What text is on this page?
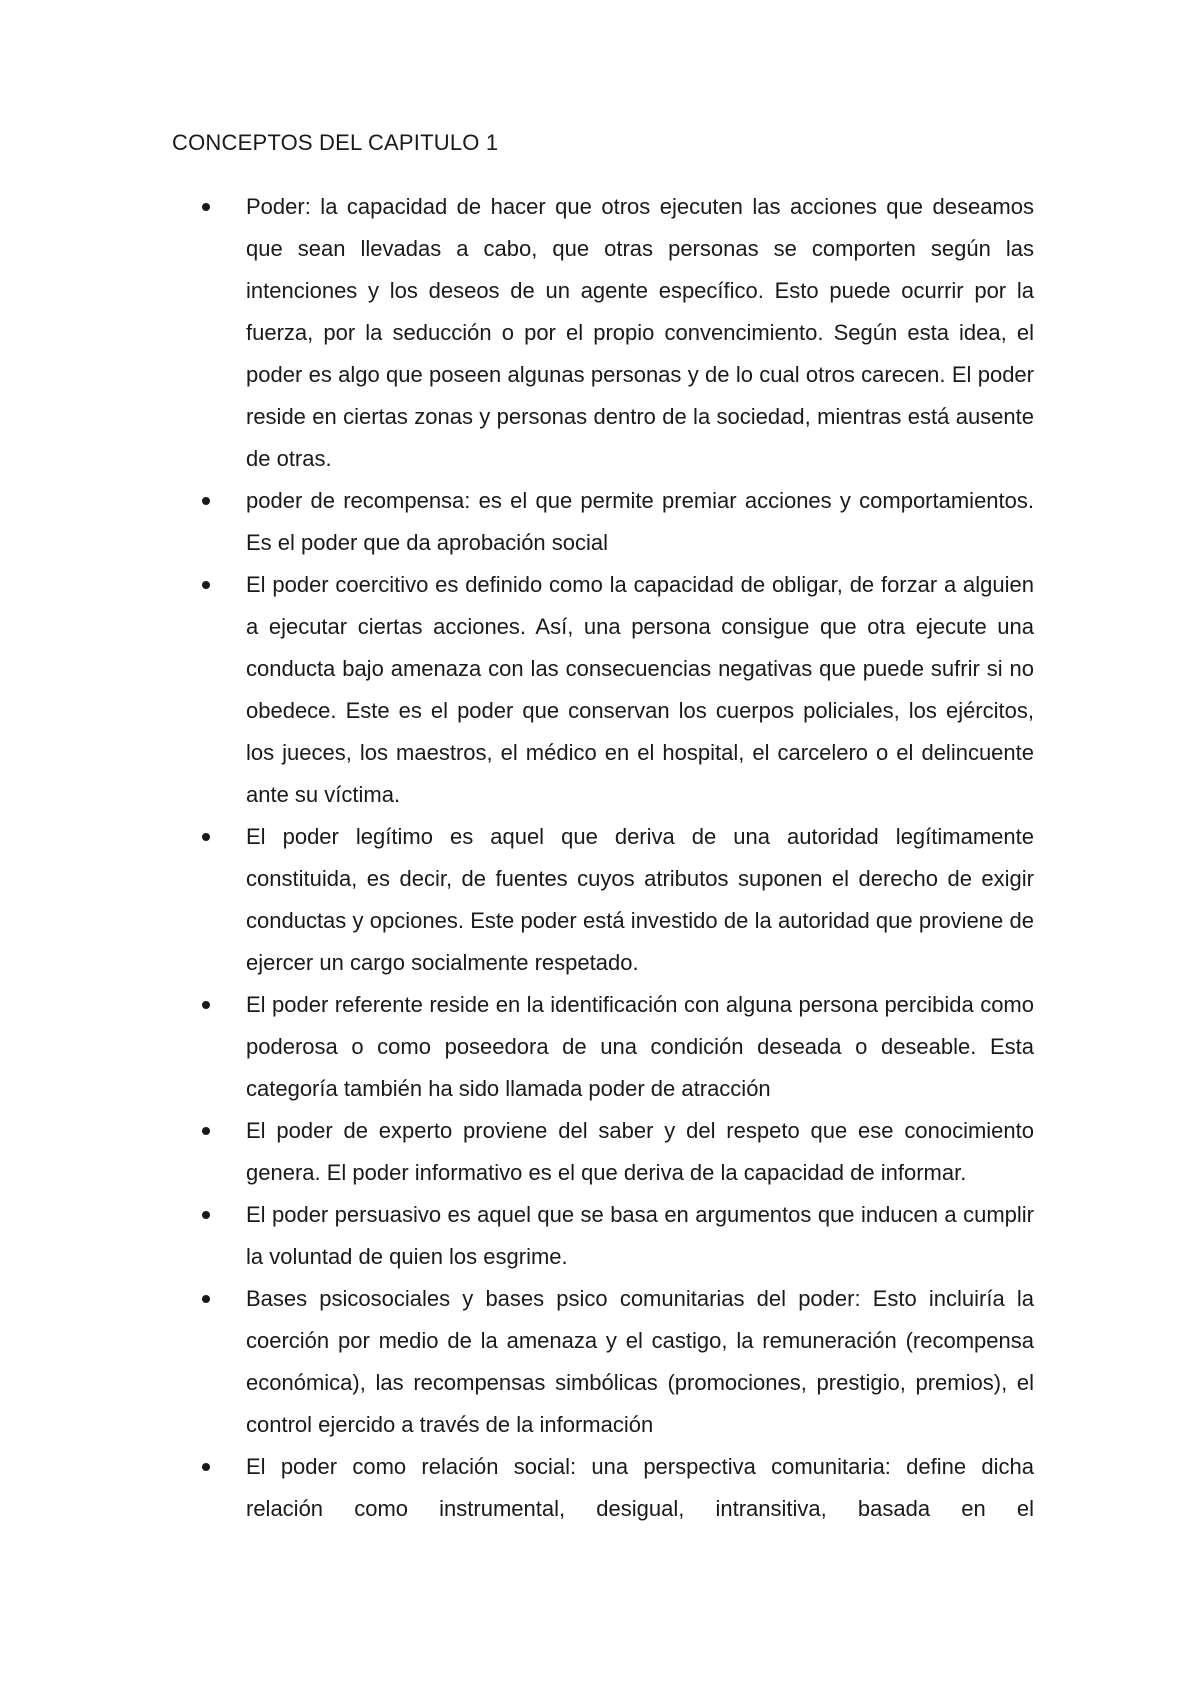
CONCEPTOS DEL CAPITULO 1
Poder: la capacidad de hacer que otros ejecuten las acciones que deseamos que sean llevadas a cabo, que otras personas se comporten según las intenciones y los deseos de un agente específico. Esto puede ocurrir por la fuerza, por la seducción o por el propio convencimiento. Según esta idea, el poder es algo que poseen algunas personas y de lo cual otros carecen. El poder reside en ciertas zonas y personas dentro de la sociedad, mientras está ausente de otras.
poder de recompensa: es el que permite premiar acciones y comportamientos. Es el poder que da aprobación social
El poder coercitivo es definido como la capacidad de obligar, de forzar a alguien a ejecutar ciertas acciones. Así, una persona consigue que otra ejecute una conducta bajo amenaza con las consecuencias negativas que puede sufrir si no obedece. Este es el poder que conservan los cuerpos policiales, los ejércitos, los jueces, los maestros, el médico en el hospital, el carcelero o el delincuente ante su víctima.
El poder legítimo es aquel que deriva de una autoridad legítimamente constituida, es decir, de fuentes cuyos atributos suponen el derecho de exigir conductas y opciones. Este poder está investido de la autoridad que proviene de ejercer un cargo socialmente respetado.
El poder referente reside en la identificación con alguna persona percibida como poderosa o como poseedora de una condición deseada o deseable. Esta categoría también ha sido llamada poder de atracción
El poder de experto proviene del saber y del respeto que ese conocimiento genera. El poder informativo es el que deriva de la capacidad de informar.
El poder persuasivo es aquel que se basa en argumentos que inducen a cumplir la voluntad de quien los esgrime.
Bases psicosociales y bases psico comunitarias del poder: Esto incluiría la coerción por medio de la amenaza y el castigo, la remuneración (recompensa económica), las recompensas simbólicas (promociones, prestigio, premios), el control ejercido a través de la información
El poder como relación social: una perspectiva comunitaria: define dicha relación como instrumental, desigual, intransitiva, basada en el
